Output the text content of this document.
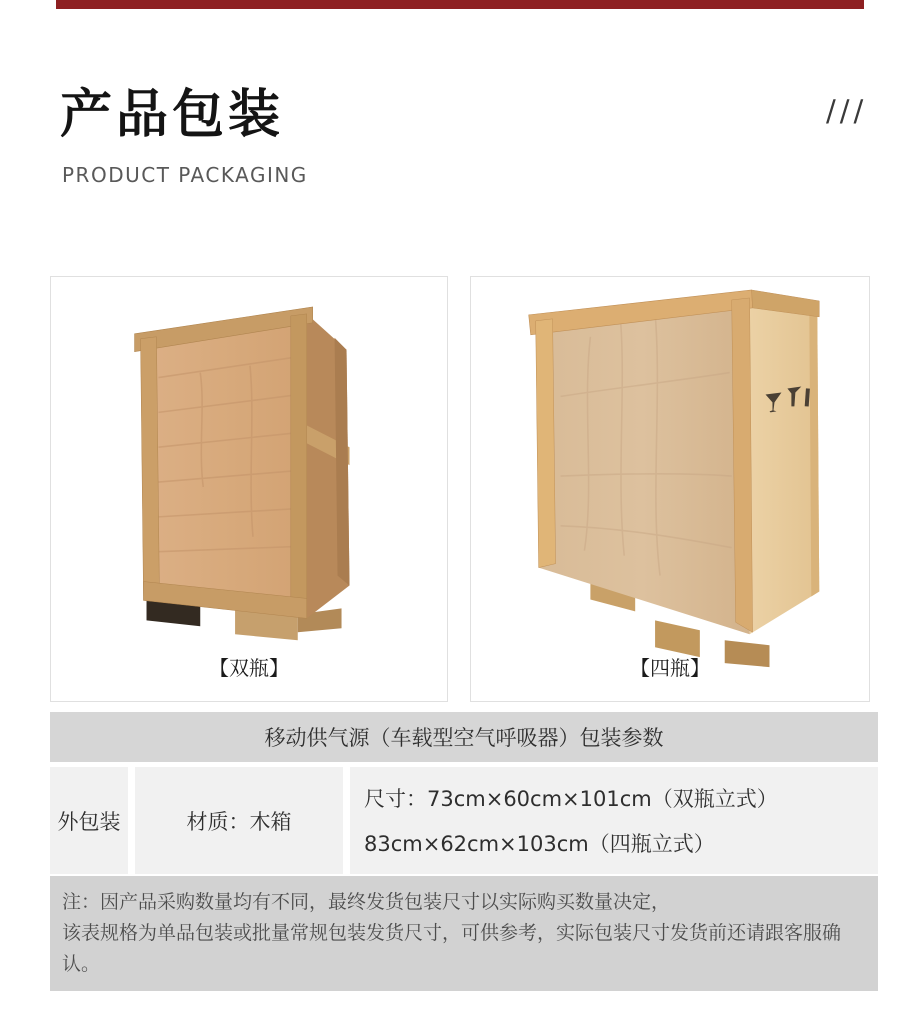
产品包装
PRODUCT PACKAGING
///
【双瓶】	【四瓶】
移动供气源（车载型空气呼吸器）包装参数
外包装	材质：木箱
尺寸：73cm×60cm×101cm（双瓶立式）
83cm×62cm×103cm（四瓶立式）
注：因产品采购数量均有不同，最终发货包装尺寸以实际购买数量决定，
该表规格为单品包装或批量常规包装发货尺寸，可供参考，实际包装尺寸发货前还请跟客服确认。
